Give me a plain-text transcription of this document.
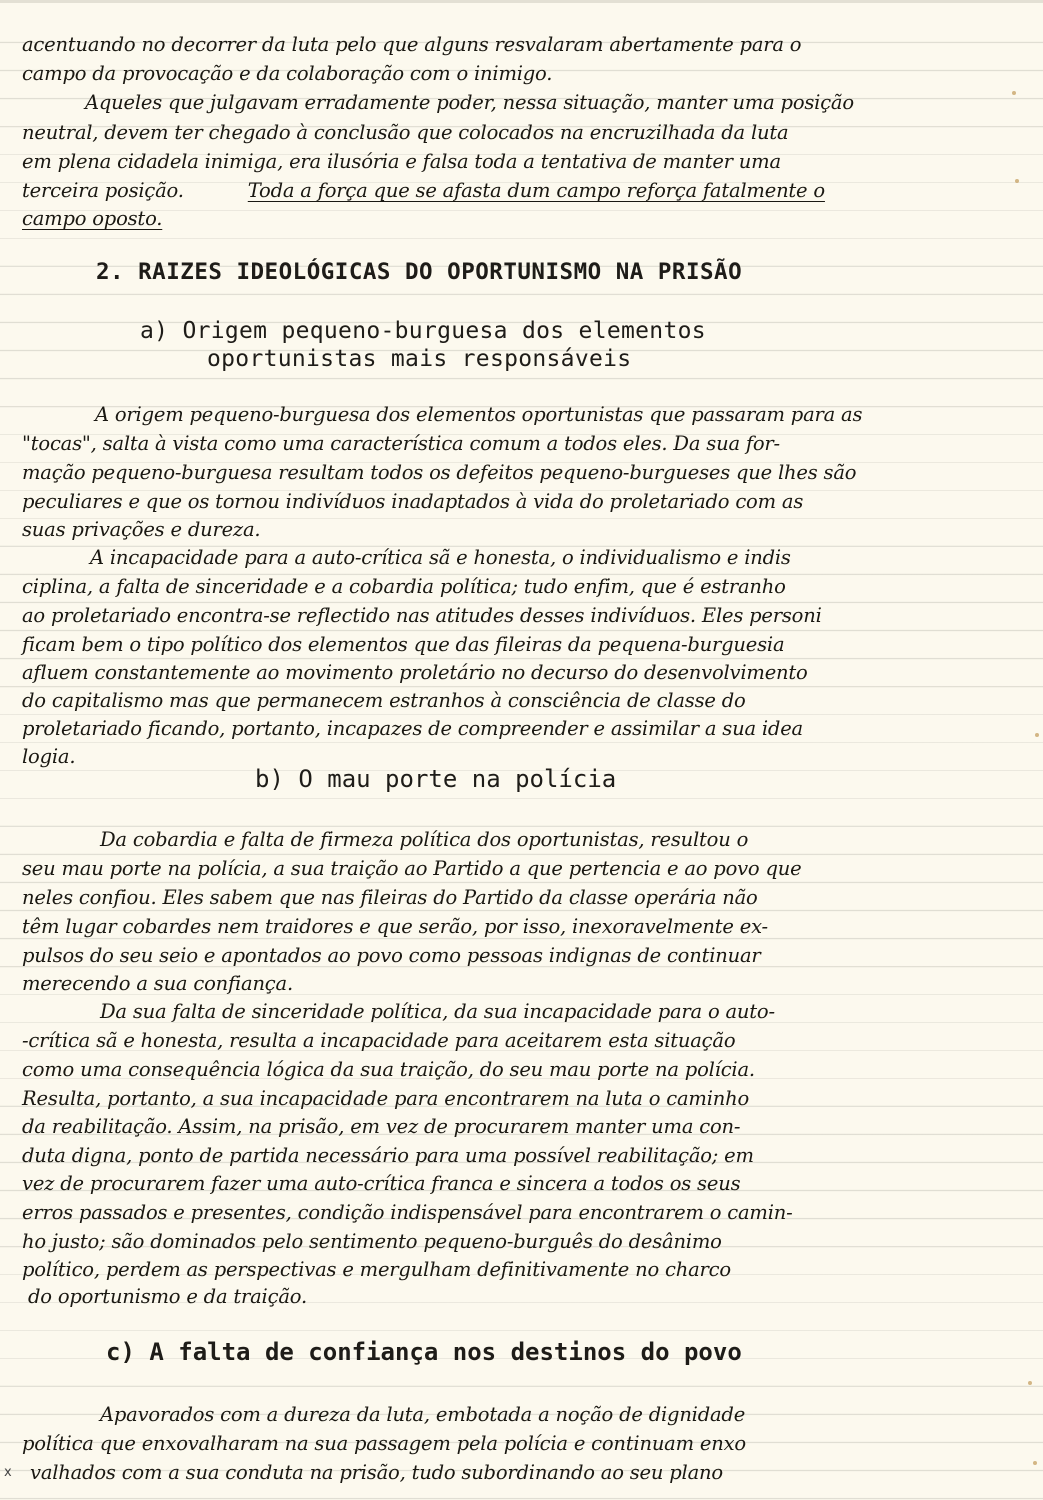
acentuando no decorrer da luta pelo que alguns resvalaram abertamente para o
campo da provocação e da colaboração com o inimigo.
Aqueles que julgavam erradamente poder, nessa situação, manter uma posição
neutral, devem ter chegado à conclusão que colocados na encruzilhada da luta
em plena cidadela inimiga, era ilusória e falsa toda a tentativa de manter uma
terceira posição.	Toda a força que se afasta dum campo reforça fatalmente o
campo oposto.
2. RAIZES IDEOLÓGICAS DO OPORTUNISMO NA PRISÃO
a) Origem pequeno-burguesa dos elementos
oportunistas mais responsáveis
A origem pequeno-burguesa dos elementos oportunistas que passaram para as
"tocas", salta à vista como uma característica comum a todos eles. Da sua for-
mação pequeno-burguesa resultam todos os defeitos pequeno-burgueses que lhes são
peculiares e que os tornou indivíduos inadaptados à vida do proletariado com as
suas privações e dureza.
A incapacidade para a auto-crítica sã e honesta, o individualismo e indis
ciplina, a falta de sinceridade e a cobardia política; tudo enfim, que é estranho
ao proletariado encontra-se reflectido nas atitudes desses indivíduos. Eles personi
ficam bem o tipo político dos elementos que das fileiras da pequena-burguesia
afluem constantemente ao movimento proletário no decurso do desenvolvimento
do capitalismo mas que permanecem estranhos à consciência de classe do
proletariado ficando, portanto, incapazes de compreender e assimilar a sua idea
logia.
b) O mau porte na polícia
Da cobardia e falta de firmeza política dos oportunistas, resultou o
seu mau porte na polícia, a sua traição ao Partido a que pertencia e ao povo que
neles confiou. Eles sabem que nas fileiras do Partido da classe operária não
têm lugar cobardes nem traidores e que serão, por isso, inexoravelmente ex-
pulsos do seu seio e apontados ao povo como pessoas indignas de continuar
merecendo a sua confiança.
Da sua falta de sinceridade política, da sua incapacidade para o auto-
-crítica sã e honesta, resulta a incapacidade para aceitarem esta situação
como uma consequência lógica da sua traição, do seu mau porte na polícia.
Resulta, portanto, a sua incapacidade para encontrarem na luta o caminho
da reabilitação. Assim, na prisão, em vez de procurarem manter uma con-
duta digna, ponto de partida necessário para uma possível reabilitação; em
vez de procurarem fazer uma auto-crítica franca e sincera a todos os seus
erros passados e presentes, condição indispensável para encontrarem o camin-
ho justo; são dominados pelo sentimento pequeno-burguês do desânimo
político, perdem as perspectivas e mergulham definitivamente no charco
do oportunismo e da traição.
c) A falta de confiança nos destinos do povo
Apavorados com a dureza da luta, embotada a noção de dignidade
política que enxovalharam na sua passagem pela polícia e continuam enxo
valhados com a sua conduta na prisão, tudo subordinando ao seu plano
x
